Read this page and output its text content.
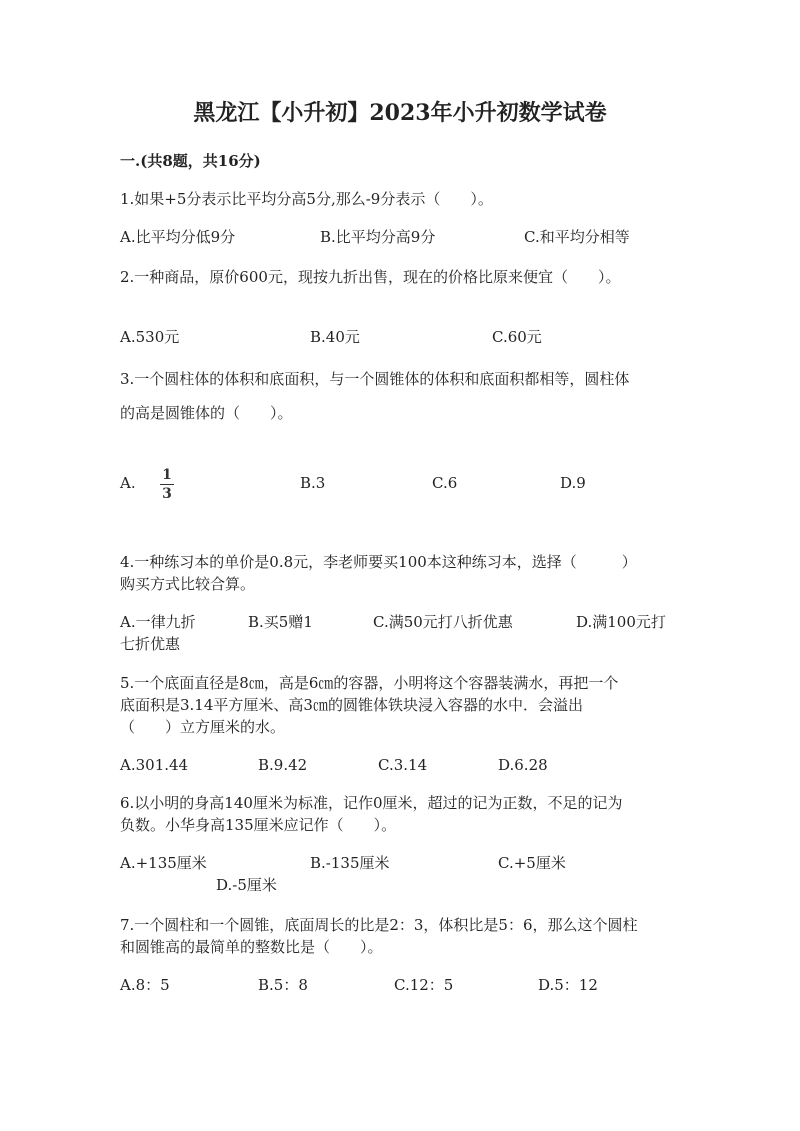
黑龙江【小升初】2023年小升初数学试卷
一.(共8题，共16分)
1.如果+5分表示比平均分高5分,那么-9分表示（　　）。
A.比平均分低9分	B.比平均分高9分	C.和平均分相等
2.一种商品，原价600元，现按九折出售，现在的价格比原来便宜（　　）。
A.530元	B.40元	C.60元
3.一个圆柱体的体积和底面积，与一个圆锥体的体积和底面积都相等，圆柱体
的高是圆锥体的（　　）。
A. 1
3
B.3	C.6	D.9
4.一种练习本的单价是0.8元，李老师要买100本这种练习本，选择（　　　）
购买方式比较合算。
A.一律九折	B.买5赠1	C.满50元打八折优惠	D.满100元打
七折优惠
5.一个底面直径是8㎝，高是6㎝的容器，小明将这个容器装满水，再把一个
底面积是3.14平方厘米、高3㎝的圆锥体铁块浸入容器的水中．会溢出
（　　）立方厘米的水。
A.301.44	B.9.42	C.3.14	D.6.28
6.以小明的身高140厘米为标准，记作0厘米，超过的记为正数，不足的记为
负数。小华身高135厘米应记作（　　）。
A.+135厘米	B.-135厘米	C.+5厘米
D.-5厘米
7.一个圆柱和一个圆锥，底面周长的比是2：3，体积比是5：6，那么这个圆柱
和圆锥高的最简单的整数比是（　　）。
A.8：5	B.5：8	C.12：5	D.5：12
